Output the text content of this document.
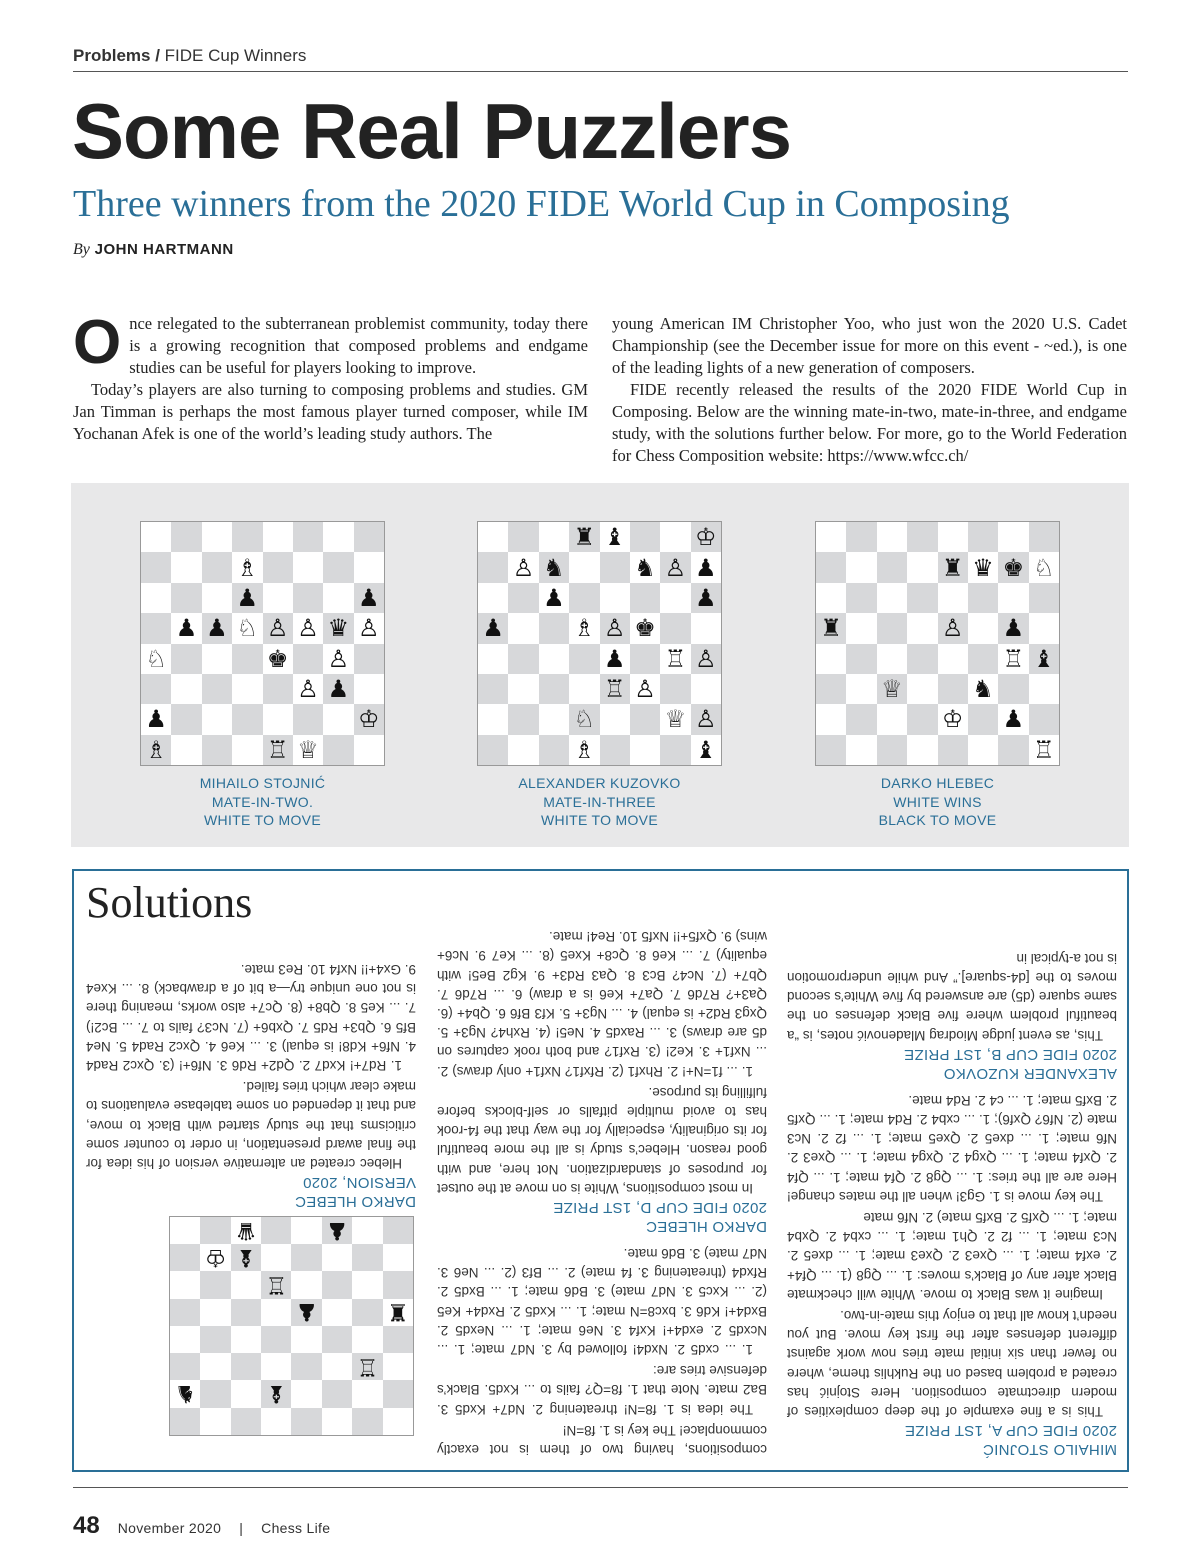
Problems / FIDE Cup Winners
Some Real Puzzlers
Three winners from the 2020 FIDE World Cup in Composing
By JOHN HARTMANN

Once relegated to the subterranean problemist community, today there is a growing recognition that composed problems and endgame studies can be useful for players looking to improve.

Today’s players are also turning to composing problems and studies. GM Jan Timman is perhaps the most famous player turned composer, while IM Yochanan Afek is one of the world’s leading study authors. The

young American IM Christopher Yoo, who just won the 2020 U.S. Cadet Championship (see the December issue for more on this event - ~ed.), is one of the leading lights of a new generation of composers.

FIDE recently released the results of the 2020 FIDE World Cup in Composing. Below are the winning mate-in-two, mate-in-three, and endgame study, with the solutions further below. For more, go to the World Federation for Chess Composition website: https://www.wfcc.ch/

♗
♟	♟
♟ ♟ ♘ ♙ ♙ ♛ ♙
♘	♚ ♙
♙ ♟
♟	♔
♗	♖ ♕
MIHAILO STOJNIĆ
MATE-IN-TWO.
WHITE TO MOVE
♜ ♝	♔
♙ ♞	♞ ♙ ♟
♟	♟
♟	♗ ♙ ♚
♟ ♖ ♙
♖ ♙
♘	♕ ♙
♗	♝
ALEXANDER KUZOVKO
MATE-IN-THREE
WHITE TO MOVE
♜ ♛ ♚ ♘
♜	♙ ♟
♖ ♝
♕	♞
♔ ♟
♖
DARKO HLEBEC
WHITE WINS
BLACK TO MOVE
Solutions
MIHAILO STOJNIĆ
2020 FIDE CUP A, 1ST PRIZE

This is a fine example of the deep complexities of modern directmate composition. Here Stojnić has created a problem based on the Rukhlis theme, where no fewer than six initial mate tries now work against different defenses after the first key move. But you needn’t know all that to enjoy this mate-in-two.

Imagine it was Black to move. White will checkmate Black after any of Black’s moves: 1. ... Qg8 (1. ... Qf4+ 2. exf4 mate; 1. ... Qxe3 2. Qxe3 mate; 1. ... dxe5 2. Nc3 mate; 1. ... f2 2. Qh1 mate; 1. ... cxb4 2. Qxb4 mate; 1. ... Qxf5 2. Bxf5 mate) 2. Nf6 mate

The key move is 1. Gg3! when all the mates change! Here are all the tries: 1. ... Qg8 2. Qf4 mate; 1. ... Qf4 2. Qxf4 mate; 1. ... Qxg4 2. Qxg4 mate; 1. ... Qxe3 2. Nf6 mate; 1. ... dxe5 2. Qxe5 mate; 1. ... f2 2. Nc3 mate (2. Nf6? Qxf6); 1. ... cxb4 2. Rd4 mate; 1. ... Qxf5 2. Bxf5 mate; 1. ... c4 2. Rd4 mate.

ALEXANDER KUZOVKO
2020 FIDE CUP B, 1ST PRIZE

This, as event judge Miodrag Mladenović notes, is “a beautiful problem where five Black defenses on the same square (d5) are answered by five White’s second moves to the [d4-square].” And while underpromotion is not a-typical in

compositions, having two of them is not exactly commonplace! The key is 1. f8=N!

The idea is 1. f8=N! threatening 2. Nd7+ Kxd5 3. Ba2 mate. Note that 1. f8=Q? fails to ... Kxd5. Black’s defensive tries are:

1. ... cxd5 2. Nxd4! followed by 3. Nd7 mate; 1. ... Ncxd5 2. exd4+! Kxf4 3. Ne6 mate; 1. ... Nexd5 2. Bxd4+! Kd6 3. bxc8=N mate; 1. ... Kxd5 2. Rxd4+ Ke5 (2. ... Kxc5 3. Nd7 mate) 3. Bd6 mate; 1. ... Bxd5 2. Rfxd4 (threatening 3. f4 mate) 2. ... Bf3 (2. ... Ne6 3. Nd7 mate) 3. Bd6 mate.

DARKO HLEBEC
2020 FIDE CUP D, 1ST PRIZE

In most compositions, White is on move at the outset for purposes of standardization. Not here, and with good reason. Hlebec’s study is all the more beautiful for its originality, especially for the way that the f4-rook has to avoid multiple pitfalls or self-blocks before fulfilling its purpose.

1. ... f1=N+! 2. Rhxf1 (2. Rfxf1? Nxf1+ only draws) 2. ... Nxf1+ 3. Ke2! (3. Rxf1? and both rook captures on d5 are draws) 3. ... Raxd5 4. Ne5! (4. Rxh4? Ng3+ 5. Qxg3 Rd2+ is equal) 4. ... Ng3+ 5. Kf3 Bf6 6. Qb4+ (6. Qa3+? R7d6 7. Qa7+ Ke6 is a draw) 6. ... R7d6 7. Qb7+ (7. Nc4? Bc3 8. Qa3 Rd3+ 9. Kg2 Be5! with equality) 7. ... Ke6 8. Qc8+ Kxe5 (8. ... Ke7 9. Nc6+ wins) 9. Qxf5+!! Nxf5 10. Re4! mate.

DARKO HLEBEC
VERSION, 2020

Hlebec created an alternative version of his idea for the final award presentation, in order to counter some criticisms that the study started with Black to move, and that it depended on some tablebase evaluations to make clear which tries failed.

1. Rd7+! Kxd7 2. Qd2+ Rd6 3. Nf6+! (3. Qxc2 Rad4 4. Nf6+ Kd8! is equal) 3. ... Ke6 4. Qxc2 Rad4 5. Ne4 Bf5 6. Qb3+ Rd5 7. Qxb6+ (7. Nc3? fails to 7. ... Bc2!) 7. ... Ke5 8. Qb8+ (8. Qc7+ also works, meaning there is not one unique try—a bit of a drawback) 8. ... Kxe4 9. Gx4+!! Nxf4 10. Re3 mate.

♝
♞
♖
♜
♟
♖
♝
♔
♟
♛
48 November 2020 | Chess Life
